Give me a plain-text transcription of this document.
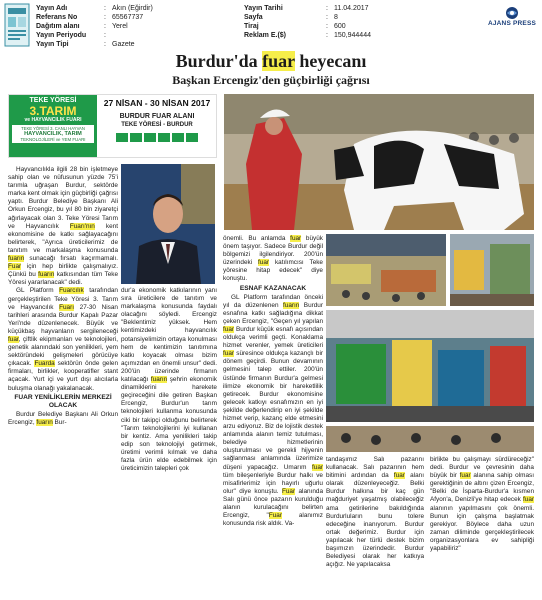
Yayın Adı	: Akın (Eğirdir)
Referans No	: 65567737
Dağıtım alanı	: Yerel
Yayın Periyodu	:
Yayın Tipi	: Gazete
Yayın Tarihi	: 11.04.2017
Sayfa	: 8
Tiraj	: 600
Reklam E.($)	: 150,944444
AJANS PRESS
Burdur'da fuar heyecanı
Başkan Ercengiz'den güçbirliği çağrısı
TEKE YÖRESİ
3.TARIM
ve HAYVANCILIK FUARI
TEKE YÖRESİ 3. CANLI HAYVAN
HAYVANCILIK, TARIM
TEKNOLOJİLERİ ve YEM FUARI
27 NİSAN - 30 NİSAN 2017
BURDUR FUAR ALANI
TEKE YÖRESİ - BURDUR

Hayvancılıkla ilgili 28 bin işletmeye sahip olan ve nüfusunun yüzde 75'i tarımla uğraşan Burdur, sektörde marka kent olmak için güçbirliği çağrısı yaptı. Burdur Belediye Başkanı Ali Orkun Ercengiz, bu yıl 80 bin ziyaretçi ağırlayacak olan 3. Teke Yöresi Tarım ve Hayvancılık Fuarı'nın kent ekonomisine de katkı sağlayacağını belirterek, "Ayrıca üreticilerimiz de tanıtım ve markalaşma konusunda fuarın sunacağı fırsatı kaçırmamalı. Fuar için hep birlikte çalışmalıyız. Çünkü bu fuarın katkısından tüm Teke Yöresi yararlanacak" dedi.

GL Platform Fuarcılık tarafından gerçekleştirilen Teke Yöresi 3. Tarım ve Hayvancılık Fuarı 27-30 Nisan tarihleri arasında Burdur Kapalı Pazar Yeri'nde düzenlenecek. Büyük ve küçükbaş hayvanların sergileneceği fuar, çiftlik ekipmanları ve teknolojileri, genetik alanındaki son yenilikleri, yem sektöründeki gelişmeleri görücüye çıkacak. Fuarda sektörün önde gelen firmaları, birlikler, kooperatifler stant açacak. Yurt içi ve yurt dışı alıcılarla buluşma olanağı yakalanacak.

FUAR YENİLİKLERİN MERKEZİ OLACAK

Burdur Belediye Başkanı Ali Orkun Ercengiz, fuarın Bur-

dur'a ekonomik katkılarının yanı sıra üreticilere de tanıtım ve markalaşma konusunda faydalı olacağını söyledi. Ercengiz "Beklentimiz yüksek. Hem kentimizdeki hayvancılık potansiyelimizin ortaya konulması hem de kentimizin tanıtımına katkı koyacak olması bizim açımızdan en önemli unsur" dedi. 200'ün üzerinde firmanın katılacağı fuarın şehrin ekonomik dinamiklerini harekete geçireceğini dile getiren Başkan Ercengiz, Burdur'un tarım teknolojileri kullanma konusunda ciki bir takipçi olduğunu belirterek "Tarım teknolojilerini iyi kullanan bir kentiz. Ama yenilikleri takip edip son teknolojiyi getirmek, üretimi verimli kılmak ve daha fazla ürün elde edebilmek için üreticimizin talepleri çok

önemli. Bu anlamda fuar büyük önem taşıyor. Sadece Burdur değil bölgemizi ilgilendiriyor. 200'ün üzerindeki fuar katılımcısı Teke yöresine hitap edecek" diye konuştu.

ESNAF KAZANACAK

GL Platform tarafından önceki yıl da düzenlenen fuarın Burdur esnafına katkı sağladığına dikkat çeken Ercengiz, "Geçen yıl yapılan fuar Burdur küçük esnafı açısından oldukça verimli geçti. Konaklama hizmet verenler, yemek üreticileri fuar süresince oldukça kazançlı bir dönem geçirdi. Bunun devamının gelmesini talep ettiler. 200'ün üstünde firmanın Burdur'a gelmesi ilimize ekonomik bir hareketlilik getirecek. Burdur ekonomisine gelecek katkıyı esnafımızın en iyi şekilde değerlendirip en iyi şekilde hizmet verip, kazanç elde etmesini arzu ediyoruz. Biz de lojistik destek anlamında alanın temiz tutulması, belediye hizmetlerinin oluşturulması ve gerekli hijyenin sağlanması anlamında üzerimize düşeni yapacağız. Umarım fuar tüm bileşenleriyle Burdur halkı ve misafirlerimiz için hayırlı uğurlu olur" diye konuştu. Fuar alanında Salı günü önce pazarın kurulduğu alanın kurulacağını belirten Ercengiz, "Fuar alanımız konusunda risk aldık. Va-

tandaşımız Salı pazarını kullanacak. Salı pazarının hem bitimini ardından da fuar alanı olarak düzenleyeceğiz. Belki Burdur halkına bir kaç gün mağduriyet yaşatmış olabileceğiz ama getirilerine bakıldığında Burdurluların bunu tolere edeceğine inanıyorum. Burdur ortak değerimiz. Burdur için yapılacak her türlü destek bizim başımızın üzerindedir. Burdur Belediyesi olarak her katkıya açığız. Ne yapılacaksa

birlikte bu çalışmayı sürdüreceğiz" dedi. Burdur ve çevresinin daha büyük bir fuar alanına sahip olması gerektiğinin de altını çizen Ercengiz, "Belki de İsparta-Burdur'a kısmen Afyon'a, Denizli'ye hitap edecek fuar alanının yapılmasını çok önemli. Bunun için çalışma başlatmak gerekiyor. Böylece daha uzun zaman diliminde gerçekleştirilecek organizasyonlara ev sahipliği yapabiliriz"
